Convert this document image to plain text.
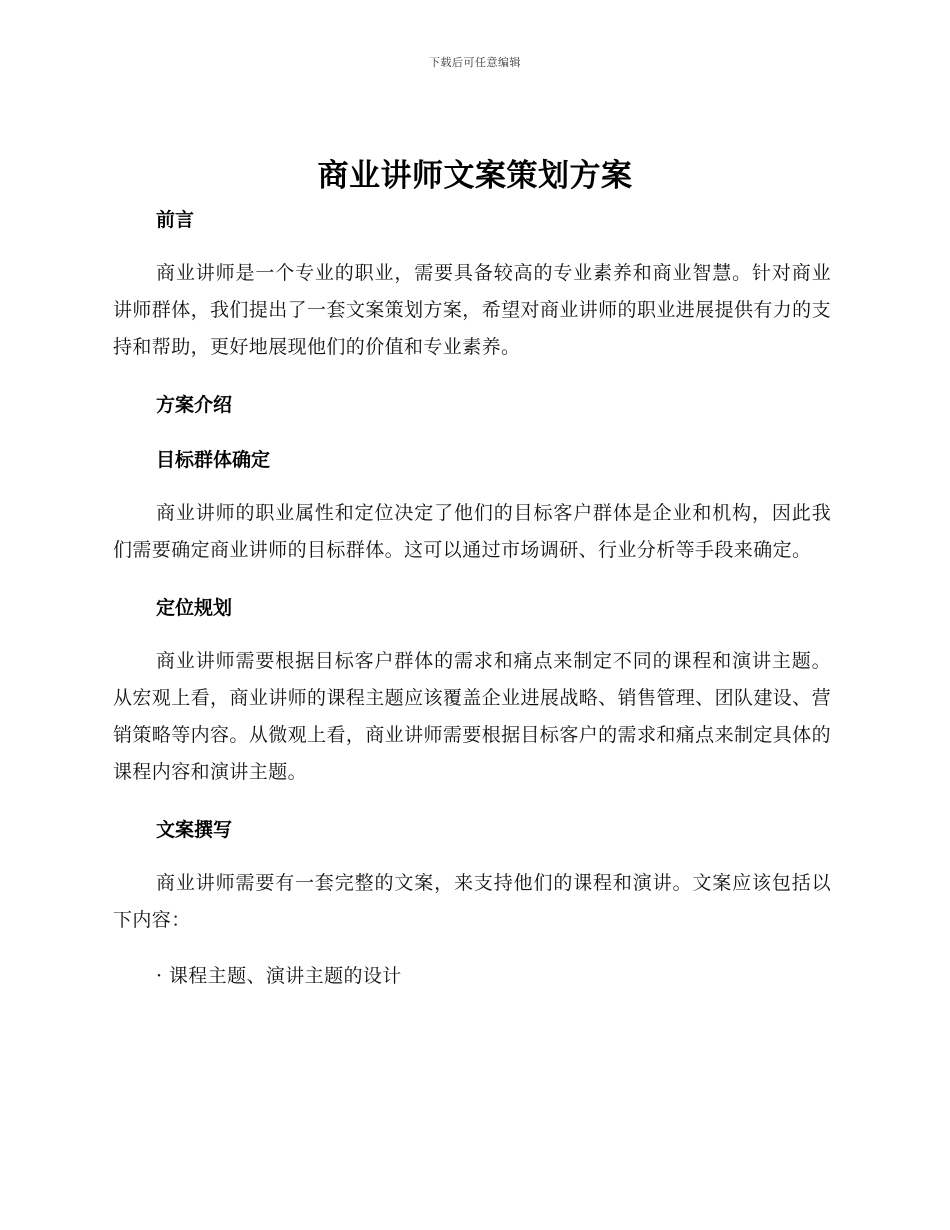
下载后可任意编辑
商业讲师文案策划方案
前言

商业讲师是一个专业的职业，需要具备较高的专业素养和商业智慧。针对商业讲师群体，我们提出了一套文案策划方案，希望对商业讲师的职业进展提供有力的支持和帮助，更好地展现他们的价值和专业素养。

方案介绍
目标群体确定

商业讲师的职业属性和定位决定了他们的目标客户群体是企业和机构，因此我们需要确定商业讲师的目标群体。这可以通过市场调研、行业分析等手段来确定。

定位规划

商业讲师需要根据目标客户群体的需求和痛点来制定不同的课程和演讲主题。从宏观上看，商业讲师的课程主题应该覆盖企业进展战略、销售管理、团队建设、营销策略等内容。从微观上看，商业讲师需要根据目标客户的需求和痛点来制定具体的课程内容和演讲主题。

文案撰写

商业讲师需要有一套完整的文案，来支持他们的课程和演讲。文案应该包括以下内容：

· 课程主题、演讲主题的设计
